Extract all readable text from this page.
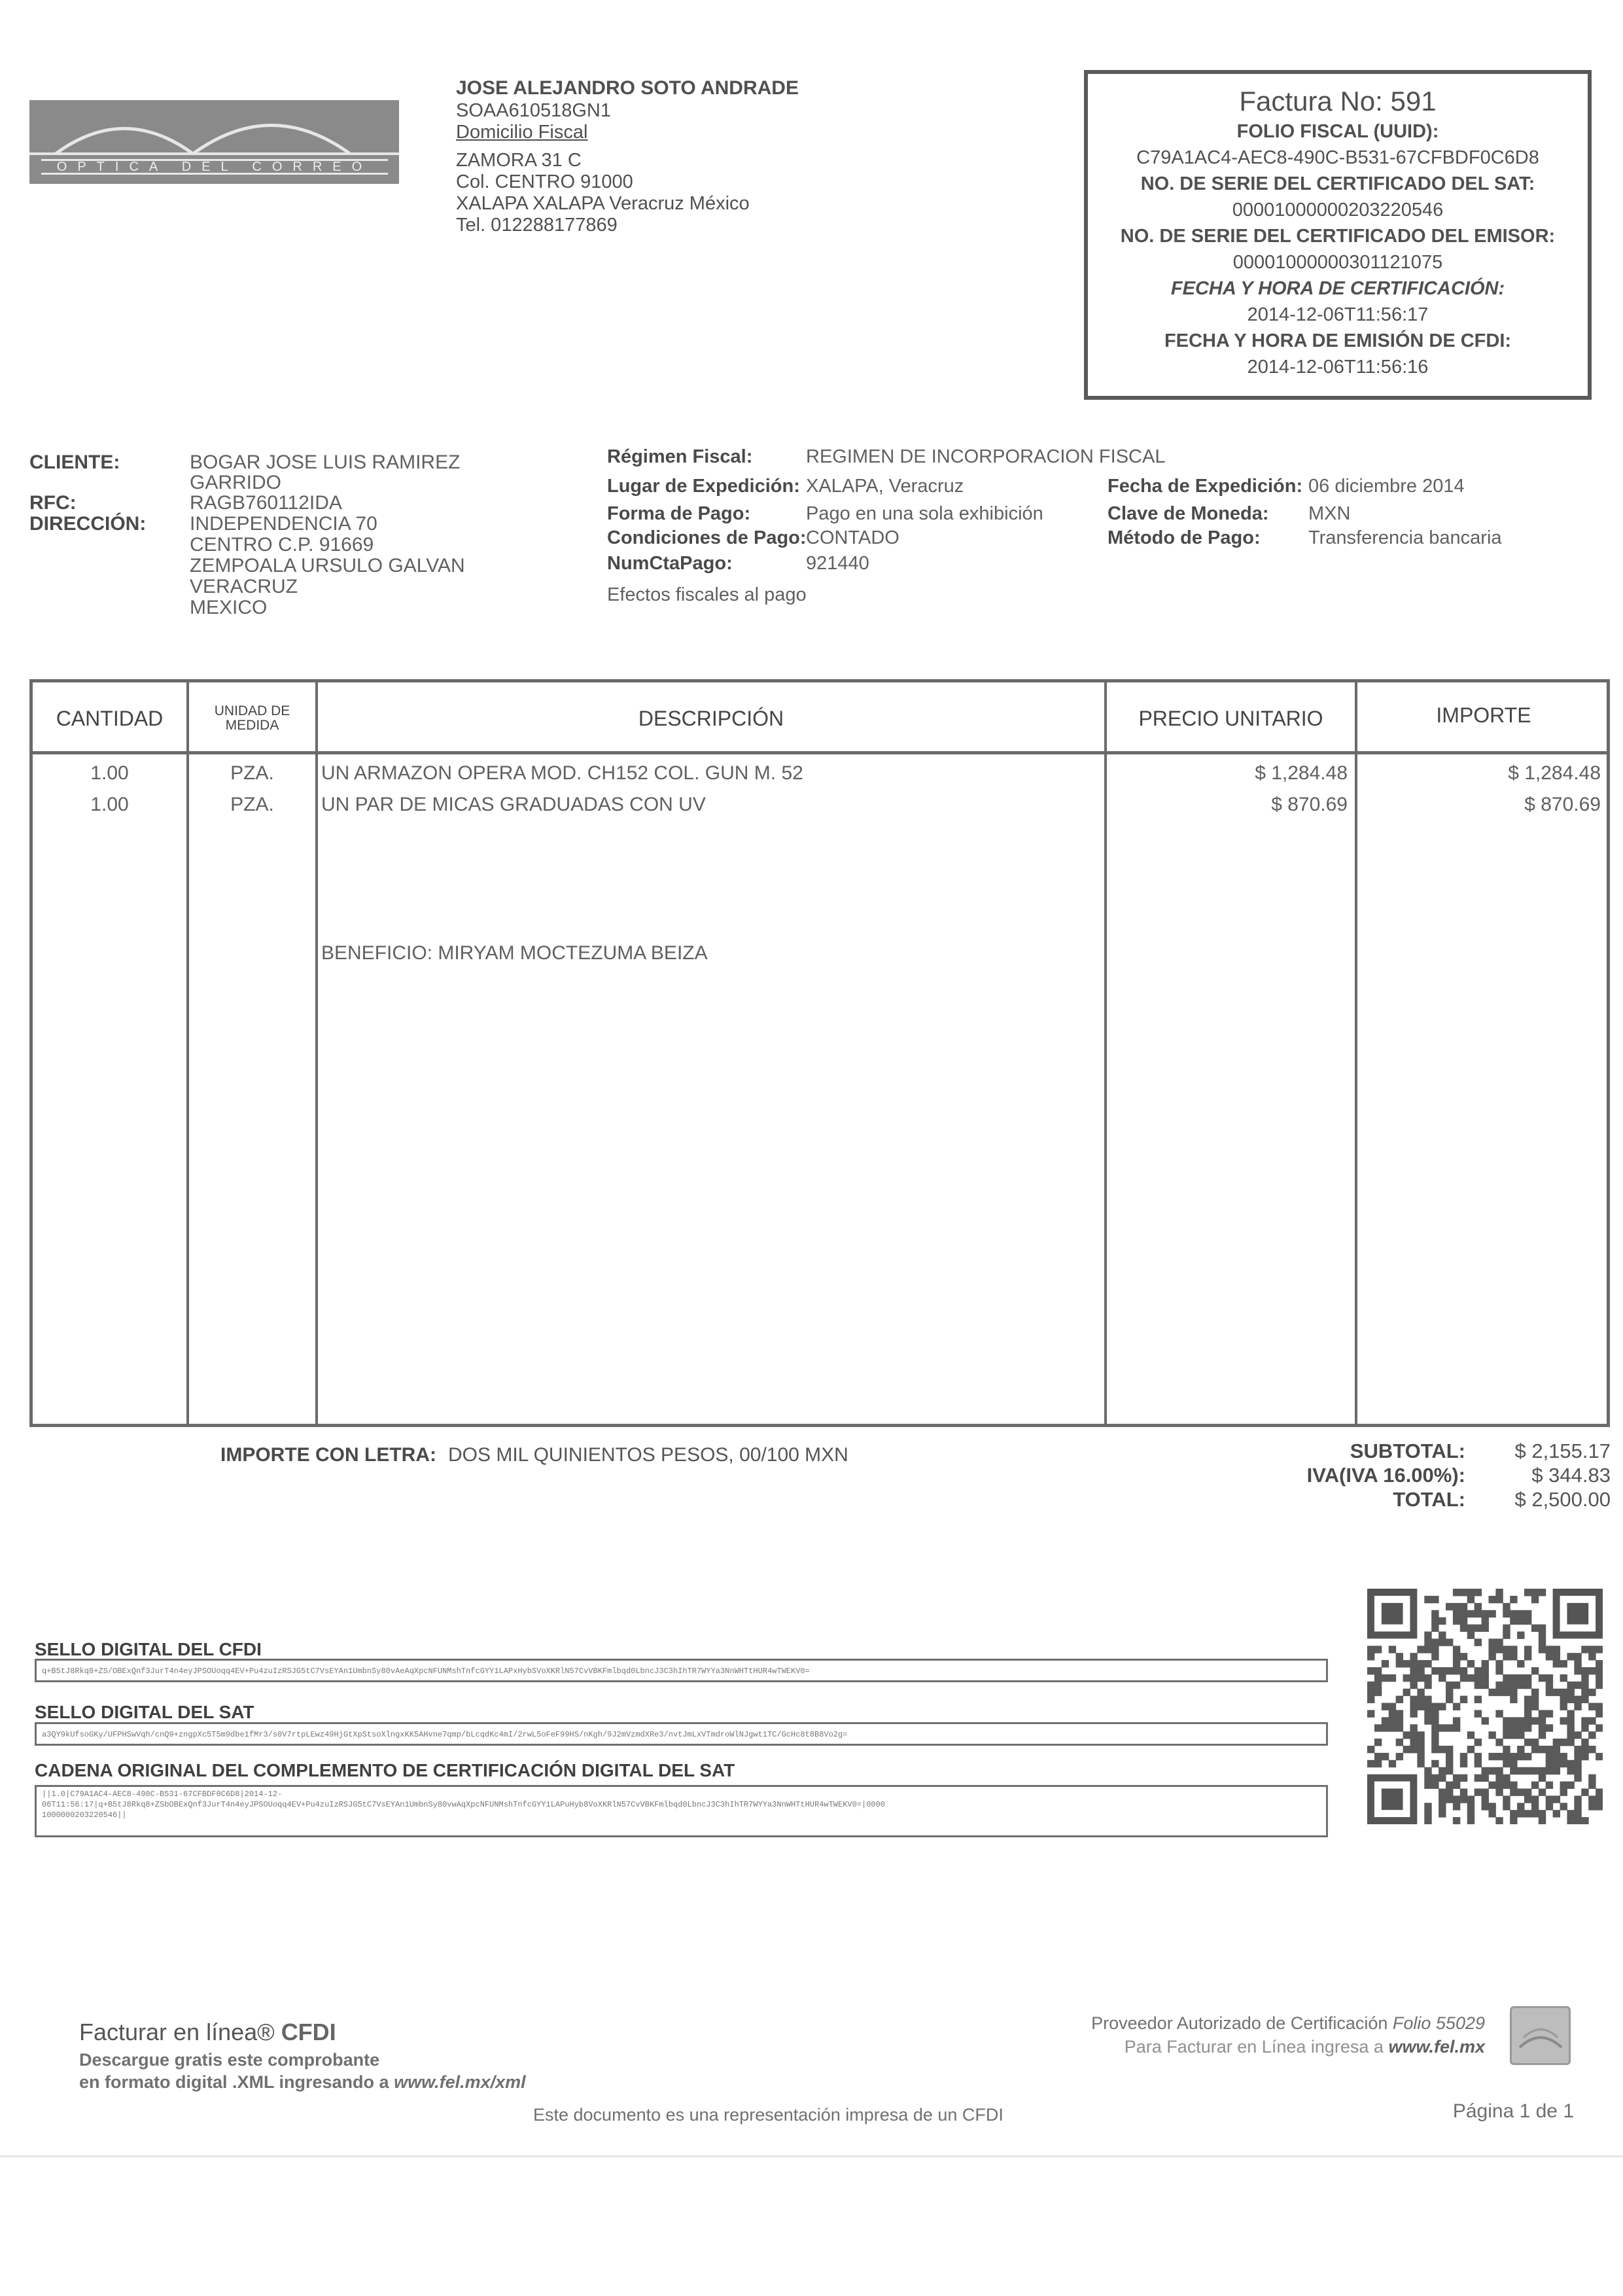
OPTICA DEL CORREO
JOSE ALEJANDRO SOTO ANDRADE
SOAA610518GN1
Domicilio Fiscal
ZAMORA 31 C
Col. CENTRO 91000
XALAPA XALAPA Veracruz México
Tel. 012288177869
Factura No: 591
FOLIO FISCAL (UUID):
C79A1AC4-AEC8-490C-B531-67CFBDF0C6D8
NO. DE SERIE DEL CERTIFICADO DEL SAT:
00001000000203220546
NO. DE SERIE DEL CERTIFICADO DEL EMISOR:
00001000000301121075
FECHA Y HORA DE CERTIFICACIÓN:
2014-12-06T11:56:17
FECHA Y HORA DE EMISIÓN DE CFDI:
2014-12-06T11:56:16
CLIENTE:	BOGAR JOSE LUIS RAMIREZ
GARRIDO
RFC:	RAGB760112IDA
DIRECCIÓN: INDEPENDENCIA 70
CENTRO C.P. 91669
ZEMPOALA URSULO GALVAN
VERACRUZ
MEXICO
Régimen Fiscal:	REGIMEN DE INCORPORACION FISCAL
Lugar de Expedición: XALAPA, Veracruz
Forma de Pago:	Pago en una sola exhibición
Condiciones de Pago: CONTADO
NumCtaPago:	921440
Efectos fiscales al pago
Fecha de Expedición: 06 diciembre 2014
Clave de Moneda: MXN
Método de Pago:	Transferencia bancaria
CANTIDAD	UNIDAD DE
MEDIDA	DESCRIPCIÓN	PRECIO UNITARIO	IMPORTE
1.00	PZA.	UN ARMAZON OPERA MOD. CH152 COL. GUN M. 52	$ 1,284.48	$ 1,284.48
1.00	PZA.	UN PAR DE MICAS GRADUADAS CON UV	$ 870.69	$ 870.69
BENEFICIO: MIRYAM MOCTEZUMA BEIZA
IMPORTE CON LETRA: DOS MIL QUINIENTOS PESOS, 00/100 MXN	SUBTOTAL:	$ 2,155.17
IVA(IVA 16.00%):	$ 344.83
TOTAL:	$ 2,500.00
SELLO DIGITAL DEL CFDI
q+B5tJ8Rkq8+ZS/OBExQnf3JurT4n4eyJPSOUoqq4EV+Pu4zuIzRSJG5tC7VsEYAn1UmbnSy80vAeAqXpcNFUNMshTnfcGYY1LAPxHybSVoXKRlN57CvVBKFmlbqd0LbncJ3C3hIhTR7WYYa3NnWHTtHUR4wTWEKV0=
SELLO DIGITAL DEL SAT
a3QY9kUfsoGKy/UFPHSwVqh/cnQ9+zngpXc5T5m9dbe1fMr3/s0V7rtpLEwz49HjGtXpStsoXlngxKK5AHvne7qmp/bLcqdKc4mI/2rwL5oFeF99HS/nKgh/9J2mVzmdXRe3/nvtJmLxVTmdroWlNJgwt1TC/GcHc8t8B8Vo2g=
CADENA ORIGINAL DEL COMPLEMENTO DE CERTIFICACIÓN DIGITAL DEL SAT
||1.0|C79A1AC4-AEC8-490C-B531-67CFBDF0C6D8|2014-12-
06T11:56:17|q+B5tJ8Rkq8+ZSbOBExQnf3JurT4n4eyJPSOUoqq4EV+Pu4zuIzRSJG5tC7VsEYAn1UmbnSy80vwAqXpcNFUNMshTnfcGYY1LAPuHyb8VoXKRlN57CvVBKFmlbqd0LbncJ3C3hIhTR7WYYa3NnWHTtHUR4wTWEKV0=|0000
1000000203220546||
Facturar en línea® CFDI
Descargue gratis este comprobante
en formato digital .XML ingresando a www.fel.mx/xml
Proveedor Autorizado de Certificación Folio 55029
Para Facturar en Línea ingresa a www.fel.mx
Este documento es una representación impresa de un CFDI	Página 1 de 1
